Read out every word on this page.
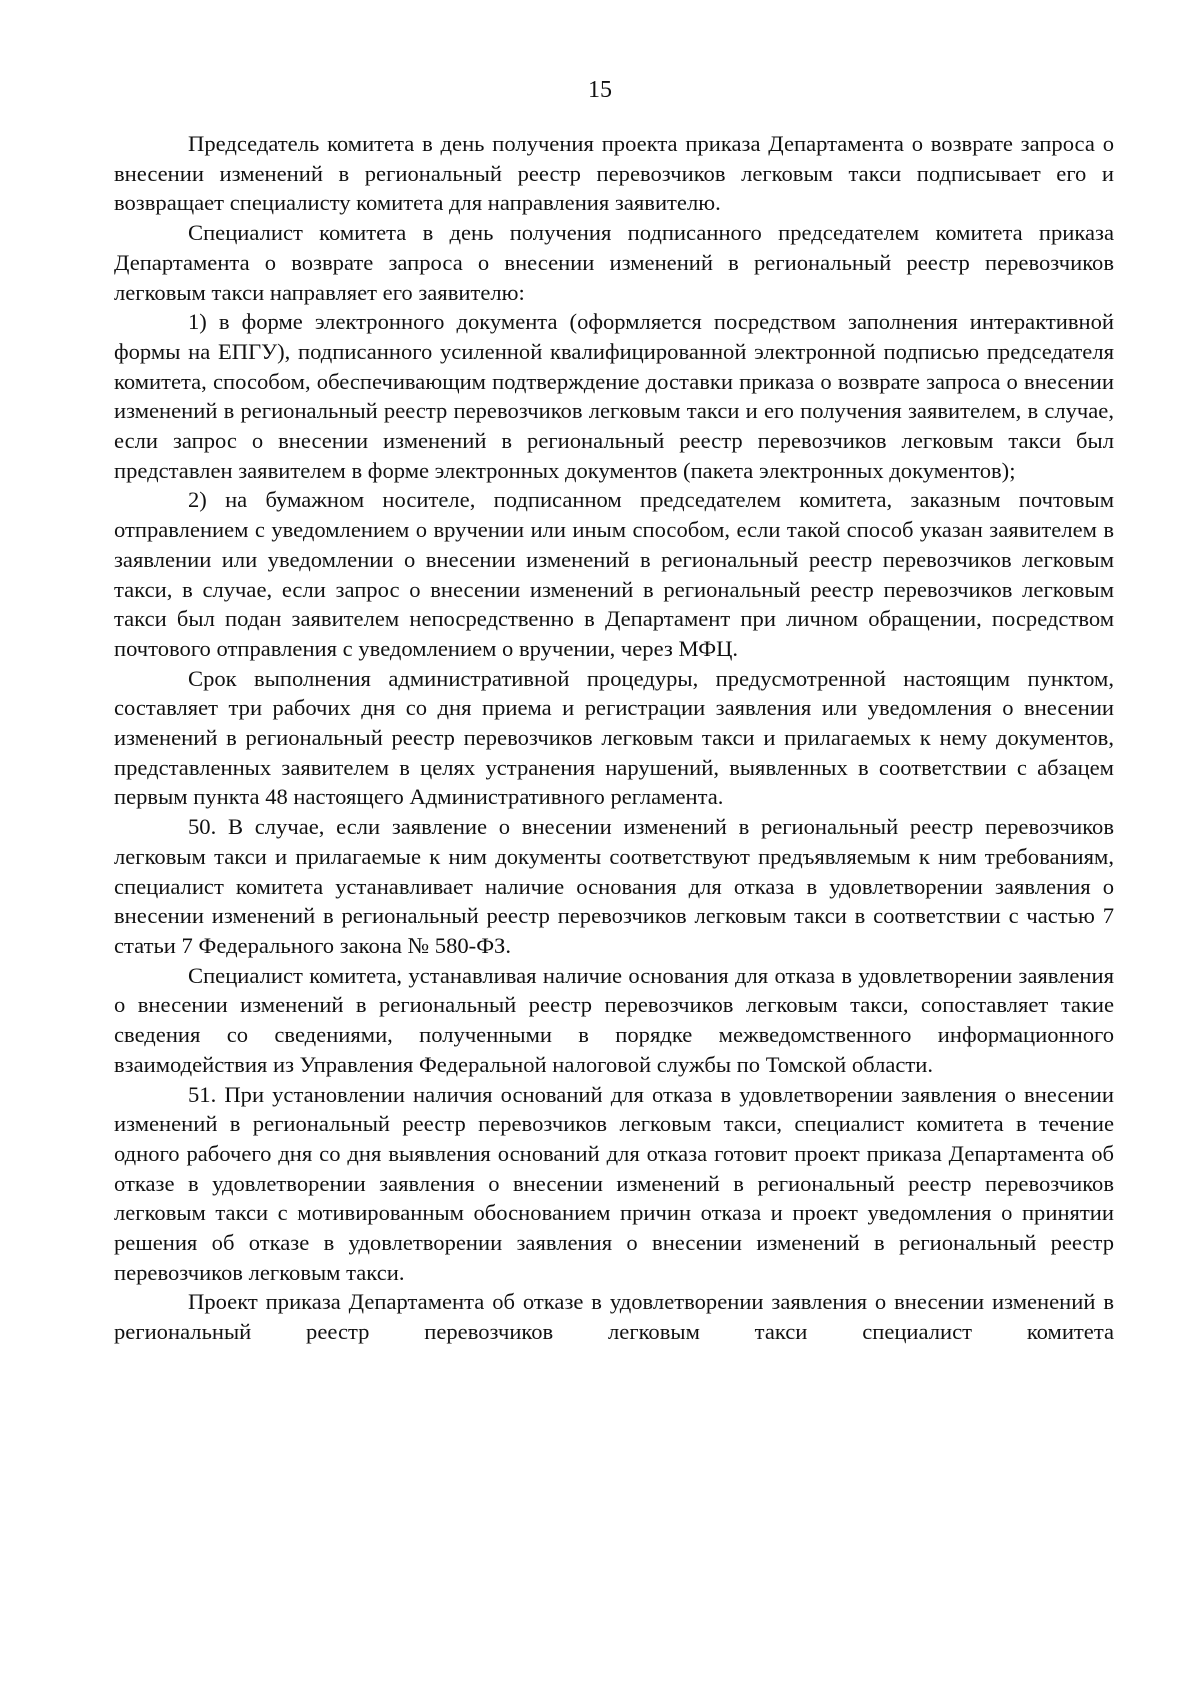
15

Председатель комитета в день получения проекта приказа Департамента о возврате запроса о внесении изменений в региональный реестр перевозчиков легковым такси подписывает его и возвращает специалисту комитета для направления заявителю.

Специалист комитета в день получения подписанного председателем комитета приказа Департамента о возврате запроса о внесении изменений в региональный реестр перевозчиков легковым такси направляет его заявителю:

1) в форме электронного документа (оформляется посредством заполнения интерактивной формы на ЕПГУ), подписанного усиленной квалифицированной электронной подписью председателя комитета, способом, обеспечивающим подтверждение доставки приказа о возврате запроса о внесении изменений в региональный реестр перевозчиков легковым такси и его получения заявителем, в случае, если запрос о внесении изменений в региональный реестр перевозчиков легковым такси был представлен заявителем в форме электронных документов (пакета электронных документов);

2) на бумажном носителе, подписанном председателем комитета, заказным почтовым отправлением с уведомлением о вручении или иным способом, если такой способ указан заявителем в заявлении или уведомлении о внесении изменений в региональный реестр перевозчиков легковым такси, в случае, если запрос о внесении изменений в региональный реестр перевозчиков легковым такси был подан заявителем непосредственно в Департамент при личном обращении, посредством почтового отправления с уведомлением о вручении, через МФЦ.

Срок выполнения административной процедуры, предусмотренной настоящим пунктом, составляет три рабочих дня со дня приема и регистрации заявления или уведомления о внесении изменений в региональный реестр перевозчиков легковым такси и прилагаемых к нему документов, представленных заявителем в целях устранения нарушений, выявленных в соответствии с абзацем первым пункта 48 настоящего Административного регламента.

50. В случае, если заявление о внесении изменений в региональный реестр перевозчиков легковым такси и прилагаемые к ним документы соответствуют предъявляемым к ним требованиям, специалист комитета устанавливает наличие основания для отказа в удовлетворении заявления о внесении изменений в региональный реестр перевозчиков легковым такси в соответствии с частью 7 статьи 7 Федерального закона № 580-ФЗ.

Специалист комитета, устанавливая наличие основания для отказа в удовлетворении заявления о внесении изменений в региональный реестр перевозчиков легковым такси, сопоставляет такие сведения со сведениями, полученными в порядке межведомственного информационного взаимодействия из Управления Федеральной налоговой службы по Томской области.

51. При установлении наличия оснований для отказа в удовлетворении заявления о внесении изменений в региональный реестр перевозчиков легковым такси, специалист комитета в течение одного рабочего дня со дня выявления оснований для отказа готовит проект приказа Департамента об отказе в удовлетворении заявления о внесении изменений в региональный реестр перевозчиков легковым такси с мотивированным обоснованием причин отказа и проект уведомления о принятии решения об отказе в удовлетворении заявления о внесении изменений в региональный реестр перевозчиков легковым такси.

Проект приказа Департамента об отказе в удовлетворении заявления о внесении изменений в региональный реестр перевозчиков легковым такси специалист комитета
